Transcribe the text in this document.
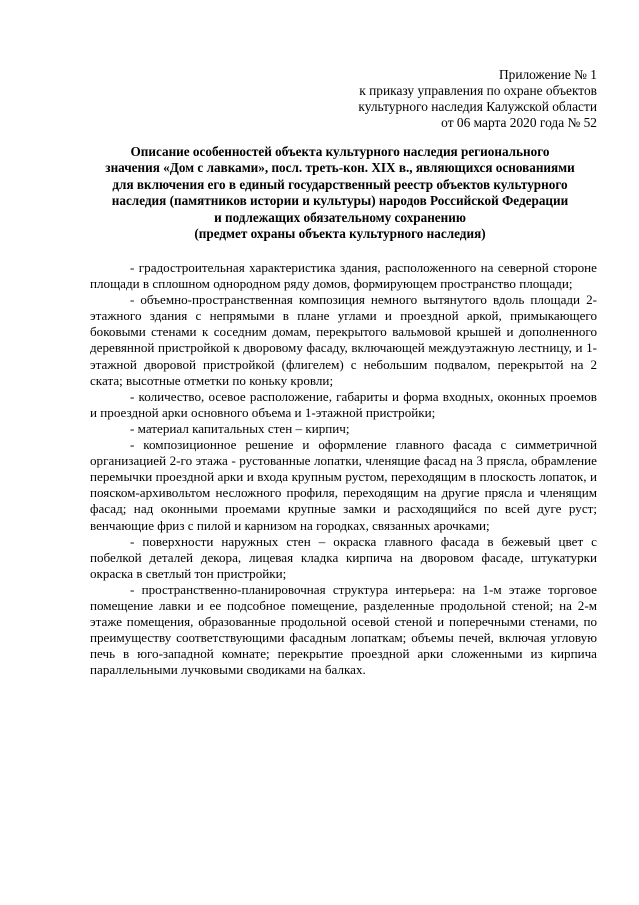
Приложение № 1
к приказу управления по охране объектов
культурного наследия Калужской области
от 06 марта 2020 года № 52
Описание особенностей объекта культурного наследия регионального
значения «Дом с лавками», посл. треть-кон. XIX в., являющихся основаниями
для включения его в единый государственный реестр объектов культурного
наследия (памятников истории и культуры) народов Российской Федерации
и подлежащих обязательному сохранению
(предмет охраны объекта культурного наследия)

- градостроительная характеристика здания, расположенного на северной стороне площади в сплошном однородном ряду домов, формирующем пространство площади;

- объемно-пространственная композиция немного вытянутого вдоль площади 2-этажного здания с непрямыми в плане углами и проездной аркой, примыкающего боковыми стенами к соседним домам, перекрытого вальмовой крышей и дополненного деревянной пристройкой к дворовому фасаду, включающей междуэтажную лестницу, и 1-этажной дворовой пристройкой (флигелем) с небольшим подвалом, перекрытой на 2 ската; высотные отметки по коньку кровли;

- количество, осевое расположение, габариты и форма входных, оконных проемов и проездной арки основного объема и 1-этажной пристройки;

- материал капитальных стен – кирпич;

- композиционное решение и оформление главного фасада с симметричной организацией 2-го этажа - рустованные лопатки, членящие фасад на 3 прясла, обрамление перемычки проездной арки и входа крупным рустом, переходящим в плоскость лопаток, и пояском-архивольтом несложного профиля, переходящим на другие прясла и членящим фасад; над оконными проемами крупные замки и расходящийся по всей дуге руст; венчающие фриз с пилой и карнизом на городках, связанных арочками;

- поверхности наружных стен – окраска главного фасада в бежевый цвет с побелкой деталей декора, лицевая кладка кирпича на дворовом фасаде, штукатурки окраска в светлый тон пристройки;

- пространственно-планировочная структура интерьера: на 1-м этаже торговое помещение лавки и ее подсобное помещение, разделенные продольной стеной; на 2-м этаже помещения, образованные продольной осевой стеной и поперечными стенами, по преимуществу соответствующими фасадным лопаткам; объемы печей, включая угловую печь в юго-западной комнате; перекрытие проездной арки сложенными из кирпича параллельными лучковыми сводиками на балках.
